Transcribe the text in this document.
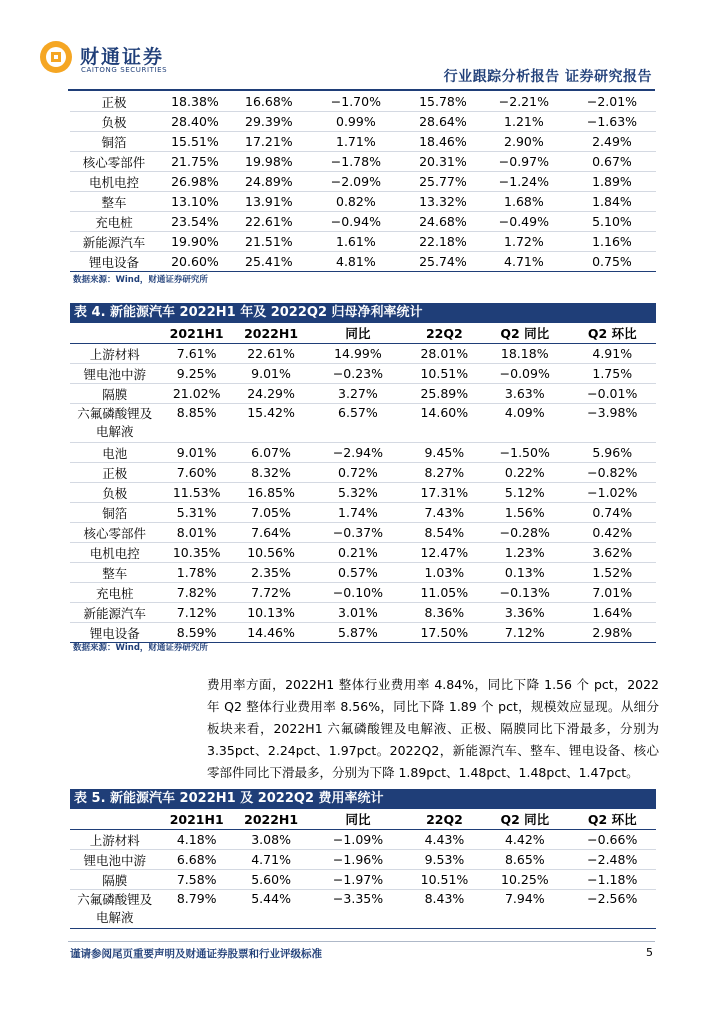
财通证券
CAITONG SECURITIES	行业跟踪分析报告 证券研究报告
正极	18.38%	16.68%	−1.70%	15.78%	−2.21%	−2.01%
负极	28.40%	29.39%	0.99%	28.64%	1.21%	−1.63%
铜箔	15.51%	17.21%	1.71%	18.46%	2.90%	2.49%
核心零部件	21.75%	19.98%	−1.78%	20.31%	−0.97%	0.67%
电机电控	26.98%	24.89%	−2.09%	25.77%	−1.24%	1.89%
整车	13.10%	13.91%	0.82%	13.32%	1.68%	1.84%
充电桩	23.54%	22.61%	−0.94%	24.68%	−0.49%	5.10%
新能源汽车	19.90%	21.51%	1.61%	22.18%	1.72%	1.16%
锂电设备	20.60%	25.41%	4.81%	25.74%	4.71%	0.75%
数据来源：Wind，财通证券研究所
表 4. 新能源汽车 2022H1 年及 2022Q2 归母净利率统计
	2021H1	2022H1	同比	22Q2	Q2 同比	Q2 环比
上游材料	7.61%	22.61%	14.99%	28.01%	18.18%	4.91%
锂电池中游	9.25%	9.01%	−0.23%	10.51%	−0.09%	1.75%
隔膜	21.02%	24.29%	3.27%	25.89%	3.63%	−0.01%

六氟磷酸锂及
电解液	8.85%	15.42%	6.57%	14.60%	4.09%	−3.98%
电池	9.01%	6.07%	−2.94%	9.45%	−1.50%	5.96%
正极	7.60%	8.32%	0.72%	8.27%	0.22%	−0.82%
负极	11.53%	16.85%	5.32%	17.31%	5.12%	−1.02%
铜箔	5.31%	7.05%	1.74%	7.43%	1.56%	0.74%
核心零部件	8.01%	7.64%	−0.37%	8.54%	−0.28%	0.42%
电机电控	10.35%	10.56%	0.21%	12.47%	1.23%	3.62%
整车	1.78%	2.35%	0.57%	1.03%	0.13%	1.52%
充电桩	7.82%	7.72%	−0.10%	11.05%	−0.13%	7.01%
新能源汽车	7.12%	10.13%	3.01%	8.36%	3.36%	1.64%
锂电设备	8.59%	14.46%	5.87%	17.50%	7.12%	2.98%
数据来源：Wind，财通证券研究所

费用率方面，2022H1 整体行业费用率 4.84%，同比下降 1.56 个 pct，2022 年 Q2 整体行业费用率 8.56%，同比下降 1.89 个 pct，规模效应显现。从细分板块来看，2022H1 六氟磷酸锂及电解液、正极、隔膜同比下滑最多，分别为 3.35pct、2.24pct、1.97pct。2022Q2，新能源汽车、整车、锂电设备、核心零部件同比下滑最多，分别为下降 1.89pct、1.48pct、1.48pct、1.47pct。

表 5. 新能源汽车 2022H1 及 2022Q2 费用率统计
	2021H1	2022H1	同比	22Q2	Q2 同比	Q2 环比
上游材料	4.18%	3.08%	−1.09%	4.43%	4.42%	−0.66%
锂电池中游	6.68%	4.71%	−1.96%	9.53%	8.65%	−2.48%
隔膜	7.58%	5.60%	−1.97%	10.51%	10.25%	−1.18%

六氟磷酸锂及
电解液	8.79%	5.44%	−3.35%	8.43%	7.94%	−2.56%
谨请参阅尾页重要声明及财通证券股票和行业评级标准	5
